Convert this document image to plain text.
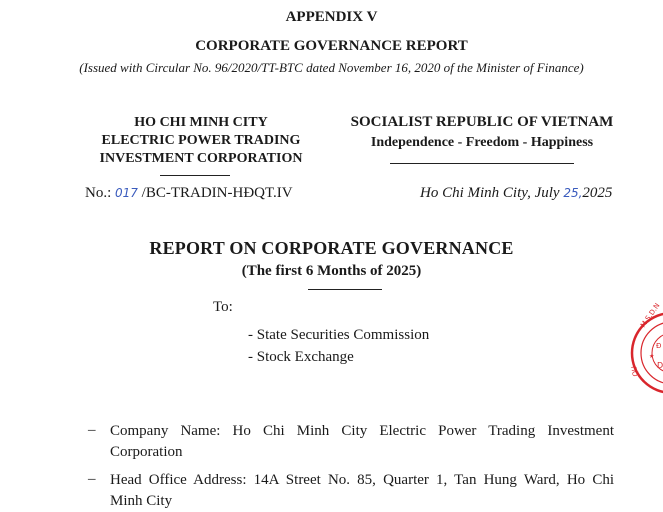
APPENDIX V
CORPORATE GOVERNANCE REPORT
(Issued with Circular No. 96/2020/TT-BTC dated November 16, 2020 of the Minister of Finance)
HO CHI MINH CITY
ELECTRIC POWER TRADING
INVESTMENT CORPORATION
No.: 017 /BC-TRADIN-HĐQT.IV
SOCIALIST REPUBLIC OF VIETNAM
Independence - Freedom - Happiness
Ho Chi Minh City, July 25,2025
REPORT ON CORPORATE GOVERNANCE
(The first 6 Months of 2025)
To:
- State Securities Commission
- Stock Exchange
– Company Name: Ho Chi Minh City Electric Power Trading Investment
Corporation
– Head Office Address: 14A Street No. 85, Quarter 1, Tan Hung Ward, Ho Chi
Minh City
M.S.D.N
QU
Đ
D
★
